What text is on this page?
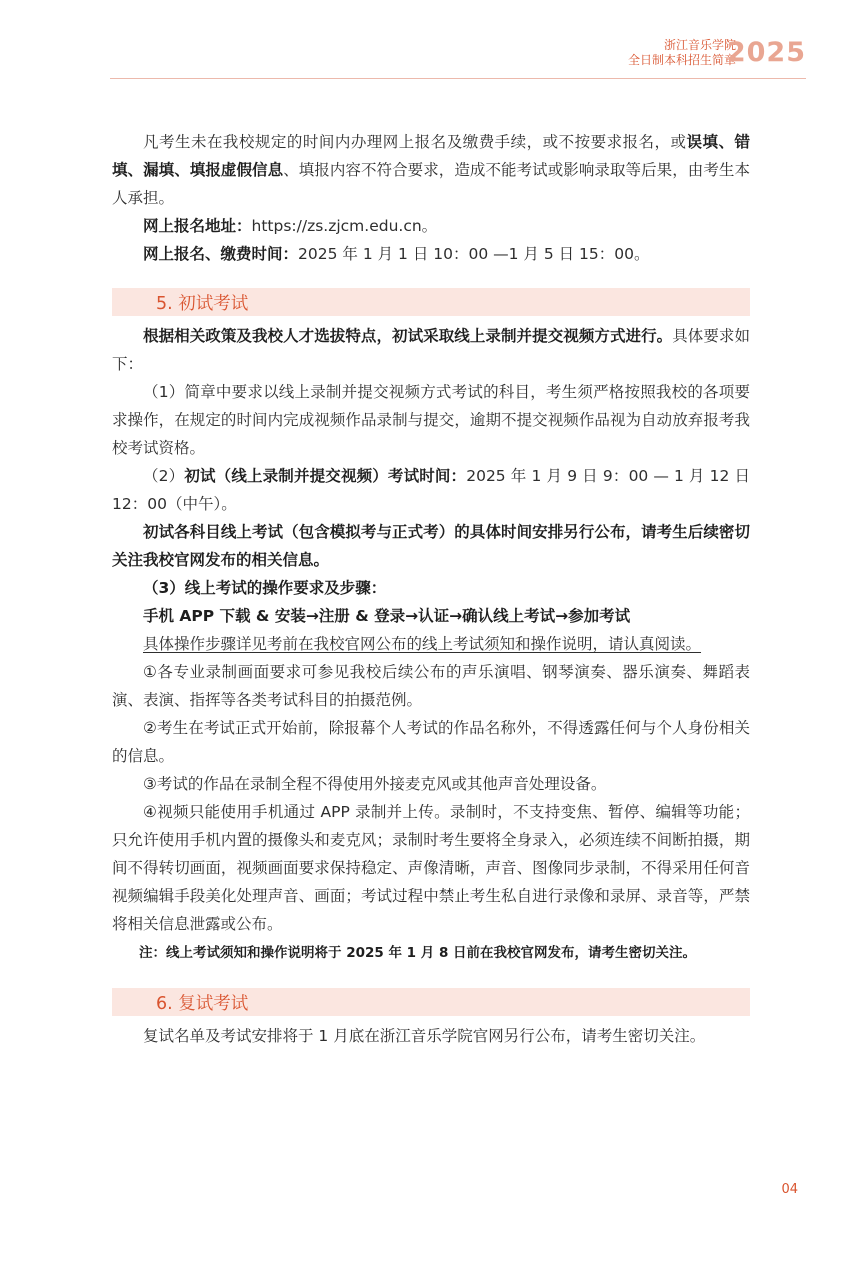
浙江音乐学院
全日制本科招生简章
2025

凡考生未在我校规定的时间内办理网上报名及缴费手续，或不按要求报名，或误填、错填、漏填、填报虚假信息、填报内容不符合要求，造成不能考试或影响录取等后果，由考生本人承担。

网上报名地址：https://zs.zjcm.edu.cn。

网上报名、缴费时间：2025 年 1 月 1 日 10：00 —1 月 5 日 15：00。

5. 初试考试

根据相关政策及我校人才选拔特点，初试采取线上录制并提交视频方式进行。具体要求如下：

（1）简章中要求以线上录制并提交视频方式考试的科目，考生须严格按照我校的各项要求操作，在规定的时间内完成视频作品录制与提交，逾期不提交视频作品视为自动放弃报考我校考试资格。

（2）初试（线上录制并提交视频）考试时间：2025 年 1 月 9 日 9：00 — 1 月 12 日 12：00（中午）。

初试各科目线上考试（包含模拟考与正式考）的具体时间安排另行公布，请考生后续密切关注我校官网发布的相关信息。

（3）线上考试的操作要求及步骤：

手机 APP 下载 & 安装→注册 & 登录→认证→确认线上考试→参加考试

具体操作步骤详见考前在我校官网公布的线上考试须知和操作说明，请认真阅读。

①各专业录制画面要求可参见我校后续公布的声乐演唱、钢琴演奏、器乐演奏、舞蹈表演、表演、指挥等各类考试科目的拍摄范例。

②考生在考试正式开始前，除报幕个人考试的作品名称外，不得透露任何与个人身份相关的信息。

③考试的作品在录制全程不得使用外接麦克风或其他声音处理设备。

④视频只能使用手机通过 APP 录制并上传。录制时，不支持变焦、暂停、编辑等功能；只允许使用手机内置的摄像头和麦克风；录制时考生要将全身录入，必须连续不间断拍摄，期间不得转切画面，视频画面要求保持稳定、声像清晰，声音、图像同步录制，不得采用任何音视频编辑手段美化处理声音、画面；考试过程中禁止考生私自进行录像和录屏、录音等，严禁将相关信息泄露或公布。

注：线上考试须知和操作说明将于 2025 年 1 月 8 日前在我校官网发布，请考生密切关注。

6. 复试考试

复试名单及考试安排将于 1 月底在浙江音乐学院官网另行公布，请考生密切关注。

04
